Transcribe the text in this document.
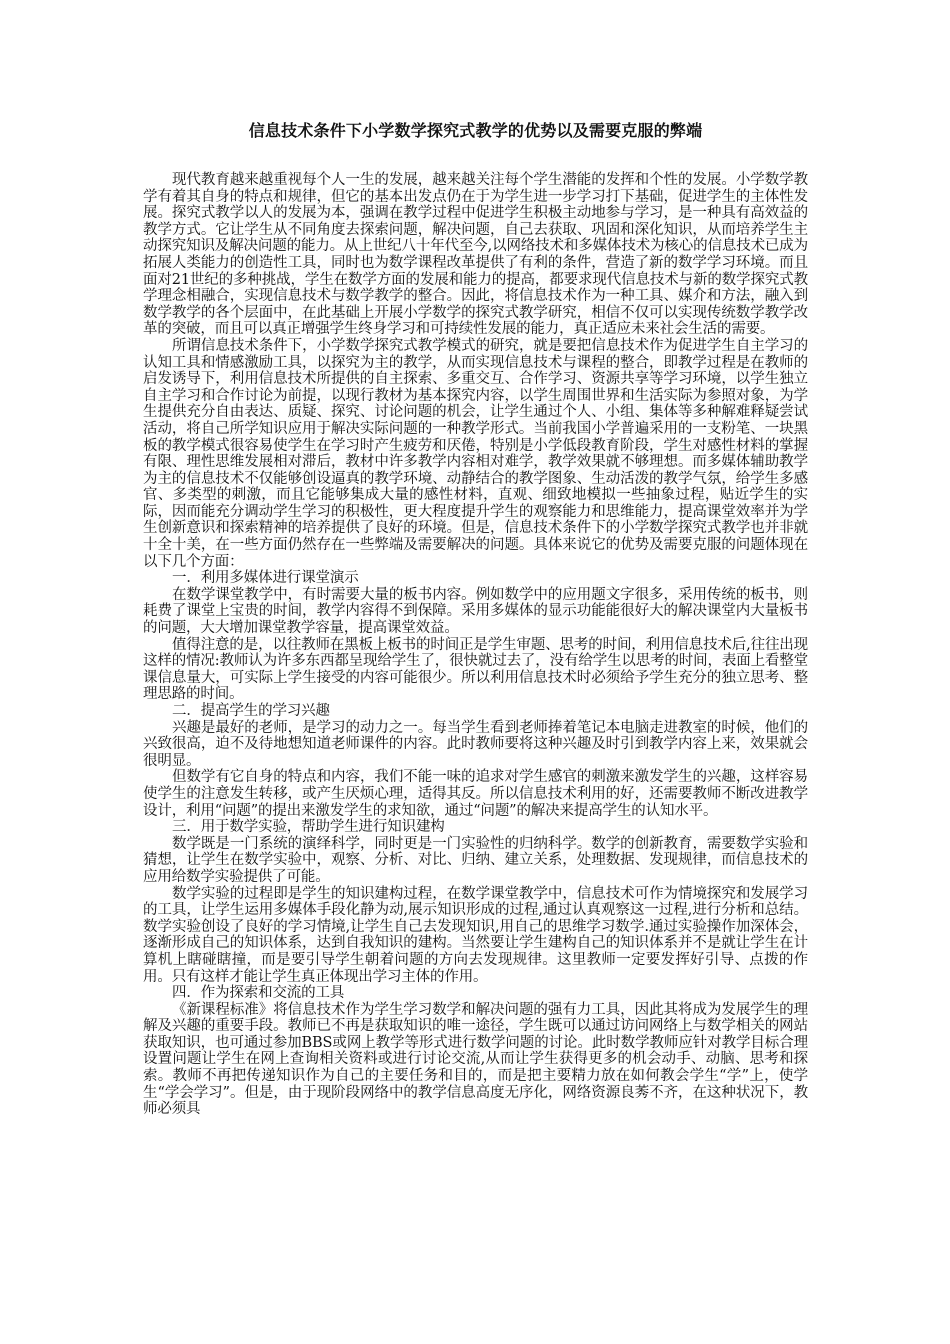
信息技术条件下小学数学探究式教学的优势以及需要克服的弊端

现代教育越来越重视每个人一生的发展，越来越关注每个学生潜能的发挥和个性的发展。小学数学教学有着其自身的特点和规律，但它的基本出发点仍在于为学生进一步学习打下基础，促进学生的主体性发展。探究式教学以人的发展为本，强调在教学过程中促进学生积极主动地参与学习，是一种具有高效益的教学方式。它让学生从不同角度去探索问题，解决问题，自己去获取、巩固和深化知识，从而培养学生主动探究知识及解决问题的能力。从上世纪八十年代至今,以网络技术和多媒体技术为核心的信息技术已成为拓展人类能力的创造性工具，同时也为数学课程改革提供了有利的条件，营造了新的数学学习环境。而且面对21世纪的多种挑战，学生在数学方面的发展和能力的提高，都要求现代信息技术与新的数学探究式教学理念相融合，实现信息技术与数学教学的整合。因此，将信息技术作为一种工具、媒介和方法，融入到数学教学的各个层面中，在此基础上开展小学数学的探究式教学研究，相信不仅可以实现传统数学教学改革的突破，而且可以真正增强学生终身学习和可持续性发展的能力，真正适应未来社会生活的需要。

所谓信息技术条件下，小学数学探究式教学模式的研究，就是要把信息技术作为促进学生自主学习的认知工具和情感激励工具，以探究为主的教学，从而实现信息技术与课程的整合，即教学过程是在教师的启发诱导下，利用信息技术所提供的自主探索、多重交互、合作学习、资源共享等学习环境，以学生独立自主学习和合作讨论为前提，以现行教材为基本探究内容，以学生周围世界和生活实际为参照对象，为学生提供充分自由表达、质疑、探究、讨论问题的机会，让学生通过个人、小组、集体等多种解难释疑尝试活动，将自己所学知识应用于解决实际问题的一种教学形式。当前我国小学普遍采用的一支粉笔、一块黑板的教学模式很容易使学生在学习时产生疲劳和厌倦，特别是小学低段教育阶段，学生对感性材料的掌握有限、理性思维发展相对滞后，教材中许多教学内容相对难学，教学效果就不够理想。而多媒体辅助教学为主的信息技术不仅能够创设逼真的教学环境、动静结合的教学图象、生动活泼的教学气氛，给学生多感官、多类型的刺激，而且它能够集成大量的感性材料，直观、细致地模拟一些抽象过程，贴近学生的实际，因而能充分调动学生学习的积极性，更大程度提升学生的观察能力和思维能力，提高课堂效率并为学生创新意识和探索精神的培养提供了良好的环境。但是，信息技术条件下的小学数学探究式教学也并非就十全十美，在一些方面仍然存在一些弊端及需要解决的问题。具体来说它的优势及需要克服的问题体现在以下几个方面：

一．利用多媒体进行课堂演示

在数学课堂教学中，有时需要大量的板书内容。例如数学中的应用题文字很多，采用传统的板书，则耗费了课堂上宝贵的时间，教学内容得不到保障。采用多媒体的显示功能能很好大的解决课堂内大量板书的问题，大大增加课堂教学容量，提高课堂效益。

值得注意的是，以往教师在黑板上板书的时间正是学生审题、思考的时间，利用信息技术后,往往出现这样的情况:教师认为许多东西都呈现给学生了，很快就过去了，没有给学生以思考的时间，表面上看整堂课信息量大，可实际上学生接受的内容可能很少。所以利用信息技术时必须给予学生充分的独立思考、整理思路的时间。

二．提高学生的学习兴趣

兴趣是最好的老师，是学习的动力之一。每当学生看到老师捧着笔记本电脑走进教室的时候，他们的兴致很高，迫不及待地想知道老师课件的内容。此时教师要将这种兴趣及时引到教学内容上来，效果就会很明显。

但数学有它自身的特点和内容，我们不能一味的追求对学生感官的刺激来激发学生的兴趣，这样容易使学生的注意发生转移，或产生厌烦心理，适得其反。所以信息技术利用的好，还需要教师不断改进教学设计，利用“问题”的提出来激发学生的求知欲，通过“问题”的解决来提高学生的认知水平。

三．用于数学实验，帮助学生进行知识建构

数学既是一门系统的演绎科学，同时更是一门实验性的归纳科学。数学的创新教育，需要数学实验和猜想，让学生在数学实验中，观察、分析、对比、归纳、建立关系，处理数据、发现规律，而信息技术的应用给数学实验提供了可能。

数学实验的过程即是学生的知识建构过程，在数学课堂教学中，信息技术可作为情境探究和发展学习的工具，让学生运用多媒体手段化静为动,展示知识形成的过程,通过认真观察这一过程,进行分析和总结。数学实验创设了良好的学习情境,让学生自己去发现知识,用自己的思维学习数学.通过实验操作加深体会，逐渐形成自己的知识体系，达到自我知识的建构。当然要让学生建构自己的知识体系并不是就让学生在计算机上瞎碰瞎撞，而是要引导学生朝着问题的方向去发现规律。这里教师一定要发挥好引导、点拨的作用。只有这样才能让学生真正体现出学习主体的作用。

四．作为探索和交流的工具

《新课程标准》将信息技术作为学生学习数学和解决问题的强有力工具，因此其将成为发展学生的理解及兴趣的重要手段。教师已不再是获取知识的唯一途径，学生既可以通过访问网络上与数学相关的网站获取知识，也可通过参加BBS或网上教学等形式进行数学问题的讨论。此时数学教师应针对教学目标合理设置问题让学生在网上查询相关资料或进行讨论交流,从而让学生获得更多的机会动手、动脑、思考和探索。教师不再把传递知识作为自己的主要任务和目的，而是把主要精力放在如何教会学生“学”上，使学生“学会学习”。但是，由于现阶段网络中的教学信息高度无序化，网络资源良莠不齐，在这种状况下，教师必须具
